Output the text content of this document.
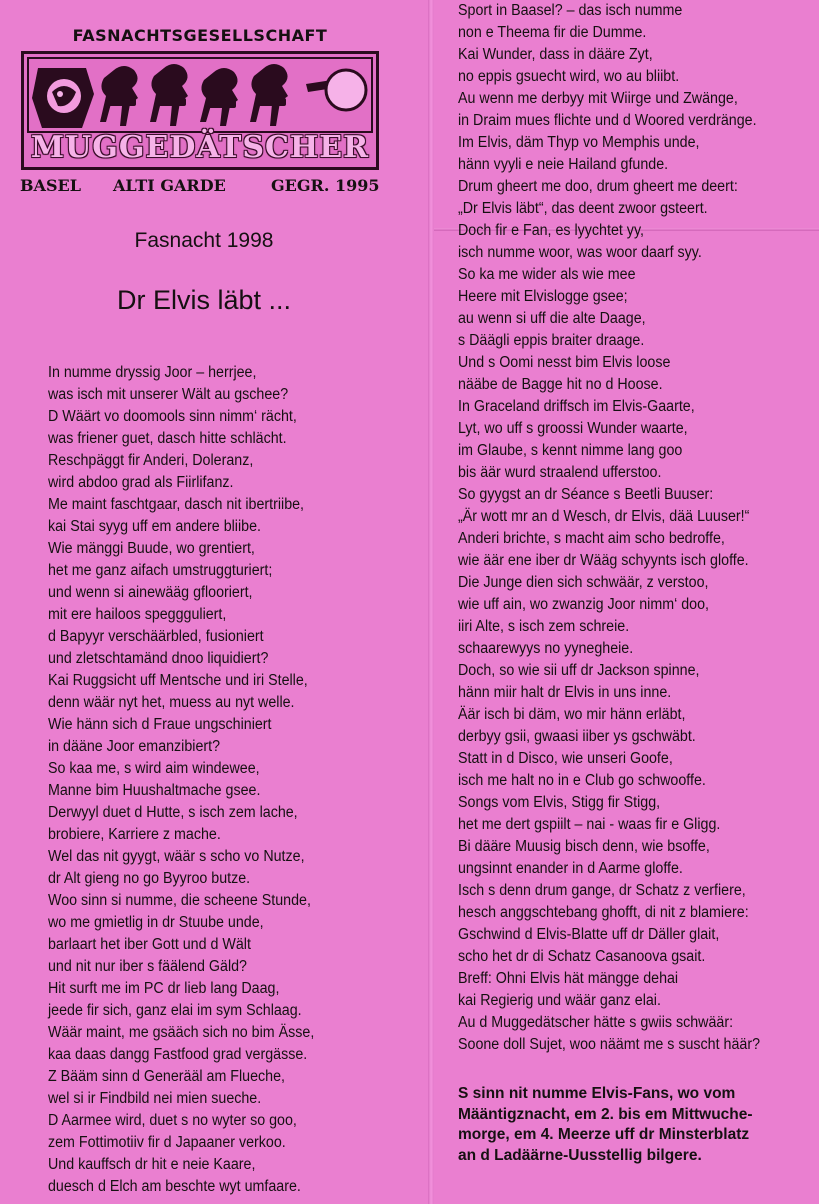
FASNACHTSGESELLSCHAFT
MUGGEDÄTSCHER
BASEL ALTI GARDE	GEGR. 1995
Fasnacht 1998
Dr Elvis läbt ...
In numme dryssig Joor – herrjee,
was isch mit unserer Wält au gschee?
D Wäärt vo doomools sinn nimm‘ rächt,
was friener guet, dasch hitte schlächt.
Reschpäggt fir Anderi, Doleranz,
wird abdoo grad als Fiirlifanz.
Me maint faschtgaar, dasch nit ibertriibe,
kai Stai syyg uff em andere bliibe.
Wie mänggi Buude, wo grentiert,
het me ganz aifach umstruggturiert;
und wenn si ainewääg gflooriert,
mit ere hailoos speggguliert,
d Bapyyr verschäärbled, fusioniert
und zletschtamänd dnoo liquidiert?
Kai Ruggsicht uff Mentsche und iri Stelle,
denn wäär nyt het, muess au nyt welle.
Wie hänn sich d Fraue ungschiniert
in dääne Joor emanzibiert?
So kaa me, s wird aim windewee,
Manne bim Huushaltmache gsee.
Derwyyl duet d Hutte, s isch zem lache,
brobiere, Karriere z mache.
Wel das nit gyygt, wäär s scho vo Nutze,
dr Alt gieng no go Byyroo butze.
Woo sinn si numme, die scheene Stunde,
wo me gmietlig in dr Stuube unde,
barlaart het iber Gott und d Wält
und nit nur iber s fäälend Gäld?
Hit surft me im PC dr lieb lang Daag,
jeede fir sich, ganz elai im sym Schlaag.
Wäär maint, me gsääch sich no bim Ässe,
kaa daas dangg Fastfood grad vergässe.
Z Bääm sinn d Generääl am Flueche,
wel si ir Findbild nei mien sueche.
D Aarmee wird, duet s no wyter so goo,
zem Fottimotiiv fir d Japaaner verkoo.
Und kauffsch dr hit e neie Kaare,
duesch d Elch am beschte wyt umfaare.
Sport in Baasel? – das isch numme
non e Theema fir die Dumme.
Kai Wunder, dass in dääre Zyt,
no eppis gsuecht wird, wo au bliibt.
Au wenn me derbyy mit Wiirge und Zwänge,
in Draim mues flichte und d Woored verdränge.
Im Elvis, däm Thyp vo Memphis unde,
hänn vyyli e neie Hailand gfunde.
Drum gheert me doo, drum gheert me deert:
„Dr Elvis läbt“, das deent zwoor gsteert.
Doch fir e Fan, es lyychtet yy,
isch numme woor, was woor daarf syy.
So ka me wider als wie mee
Heere mit Elvislogge gsee;
au wenn si uff die alte Daage,
s Däägli eppis braiter draage.
Und s Oomi nesst bim Elvis loose
nääbe de Bagge hit no d Hoose.
In Graceland driffsch im Elvis-Gaarte,
Lyt, wo uff s groossi Wunder waarte,
im Glaube, s kennt nimme lang goo
bis äär wurd straalend ufferstoo.
So gyygst an dr Séance s Beetli Buuser:
„Är wott mr an d Wesch, dr Elvis, dää Luuser!“
Anderi brichte, s macht aim scho bedroffe,
wie äär ene iber dr Wääg schyynts isch gloffe.
Die Junge dien sich schwäär, z verstoo,
wie uff ain, wo zwanzig Joor nimm‘ doo,
iiri Alte, s isch zem schreie.
schaarewyys no yynegheie.
Doch, so wie sii uff dr Jackson spinne,
hänn miir halt dr Elvis in uns inne.
Äär isch bi däm, wo mir hänn erläbt,
derbyy gsii, gwaasi iiber ys gschwäbt.
Statt in d Disco, wie unseri Goofe,
isch me halt no in e Club go schwooffe.
Songs vom Elvis, Stigg fir Stigg,
het me dert gspiilt – nai - waas fir e Gligg.
Bi dääre Muusig bisch denn, wie bsoffe,
ungsinnt enander in d Aarme gloffe.
Isch s denn drum gange, dr Schatz z verfiere,
hesch anggschtebang ghofft, di nit z blamiere:
Gschwind d Elvis-Blatte uff dr Däller glait,
scho het dr di Schatz Casanoova gsait.
Breff: Ohni Elvis hät mängge dehai
kai Regierig und wäär ganz elai.
Au d Muggedätscher hätte s gwiis schwäär:
Soone doll Sujet, woo näämt me s suscht häär?
S sinn nit numme Elvis-Fans, wo vom
Määntigznacht, em 2. bis em Mittwuche-
morge, em 4. Meerze uff dr Minsterblatz
an d Ladäärne-Uusstellig bilgere.
